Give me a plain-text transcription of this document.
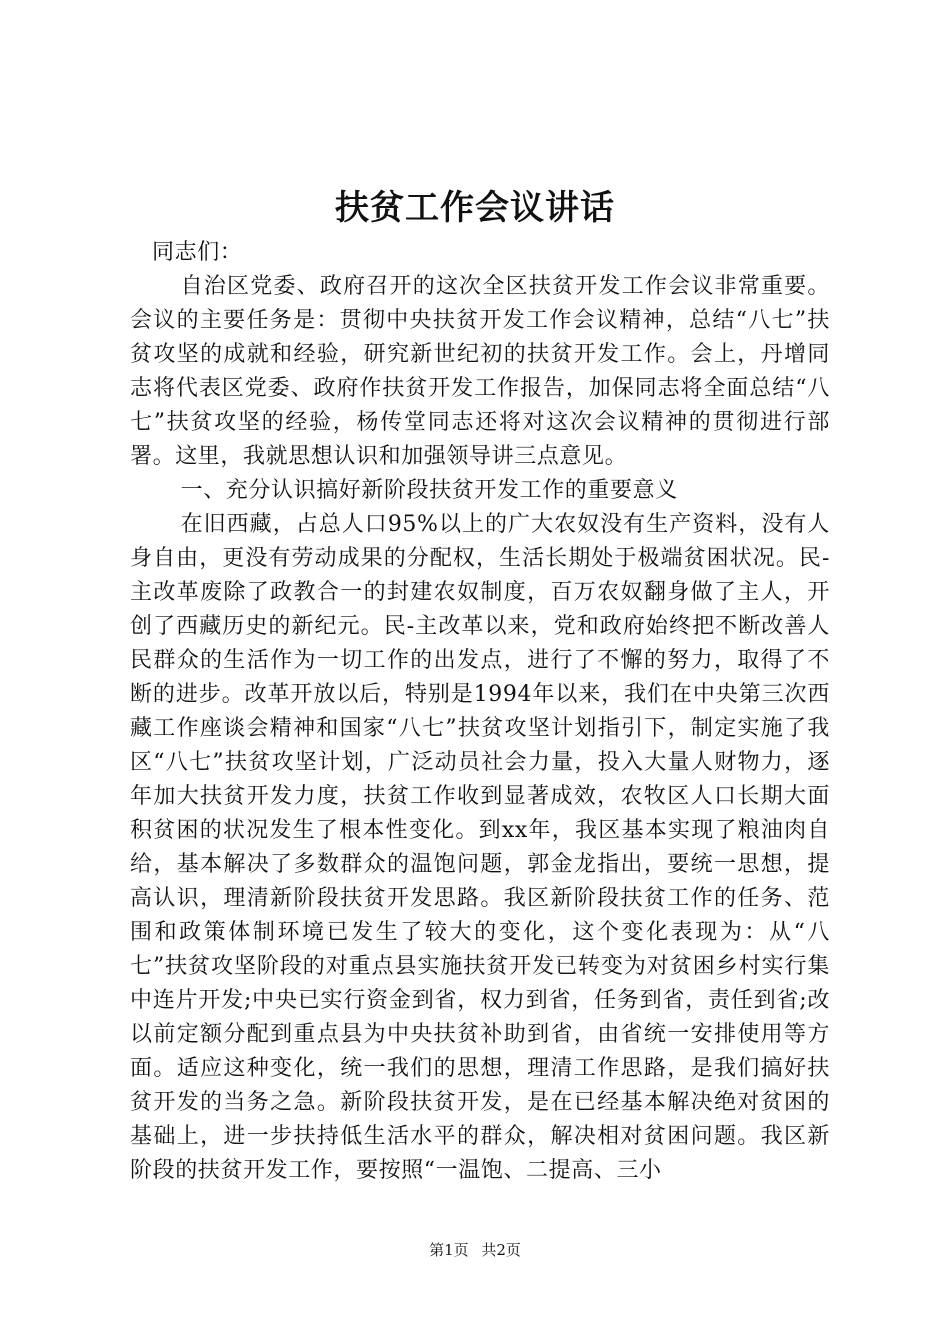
扶贫工作会议讲话

同志们：

自治区党委、政府召开的这次全区扶贫开发工作会议非常重要。会议的主要任务是：贯彻中央扶贫开发工作会议精神，总结“八七”扶贫攻坚的成就和经验，研究新世纪初的扶贫开发工作。会上，丹增同志将代表区党委、政府作扶贫开发工作报告，加保同志将全面总结“八七”扶贫攻坚的经验，杨传堂同志还将对这次会议精神的贯彻进行部署。这里，我就思想认识和加强领导讲三点意见。

一、充分认识搞好新阶段扶贫开发工作的重要意义

在旧西藏，占总人口95%以上的广大农奴没有生产资料，没有人身自由，更没有劳动成果的分配权，生活长期处于极端贫困状况。民-主改革废除了政教合一的封建农奴制度，百万农奴翻身做了主人，开创了西藏历史的新纪元。民-主改革以来，党和政府始终把不断改善人民群众的生活作为一切工作的出发点，进行了不懈的努力，取得了不断的进步。改革开放以后，特别是1994年以来，我们在中央第三次西藏工作座谈会精神和国家“八七”扶贫攻坚计划指引下，制定实施了我区“八七”扶贫攻坚计划，广泛动员社会力量，投入大量人财物力，逐年加大扶贫开发力度，扶贫工作收到显著成效，农牧区人口长期大面积贫困的状况发生了根本性变化。到xx年，我区基本实现了粮油肉自给，基本解决了多数群众的温饱问题，郭金龙指出，要统一思想，提高认识，理清新阶段扶贫开发思路。我区新阶段扶贫工作的任务、范围和政策体制环境已发生了较大的变化，这个变化表现为：从“八七”扶贫攻坚阶段的对重点县实施扶贫开发已转变为对贫困乡村实行集中连片开发;中央已实行资金到省，权力到省，任务到省，责任到省;改以前定额分配到重点县为中央扶贫补助到省，由省统一安排使用等方面。适应这种变化，统一我们的思想，理清工作思路，是我们搞好扶贫开发的当务之急。新阶段扶贫开发，是在已经基本解决绝对贫困的基础上，进一步扶持低生活水平的群众，解决相对贫困问题。我区新阶段的扶贫开发工作，要按照“一温饱、二提高、三小

第1页 共2页
